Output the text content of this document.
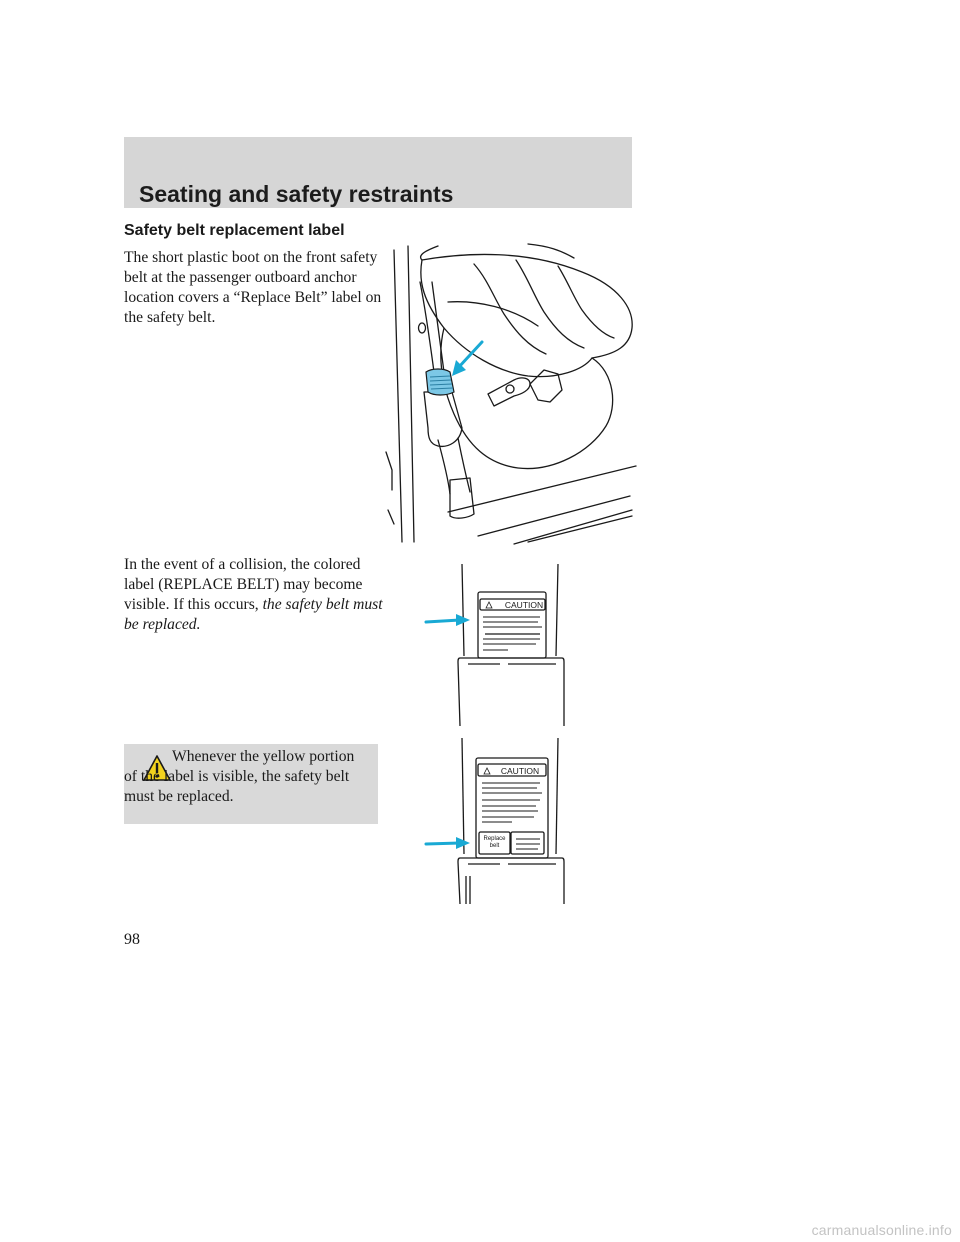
Seating and safety restraints
Safety belt replacement label

The short plastic boot on the front safety belt at the passenger outboard anchor location covers a “Replace Belt” label on the safety belt.

In the event of a collision, the colored label (REPLACE BELT) may become visible. If this occurs, the safety belt must be replaced.

Whenever the yellow portion of the label is visible, the safety belt must be replaced.

CAUTION
CAUTION
Replace
belt

98

carmanualsonline.info
